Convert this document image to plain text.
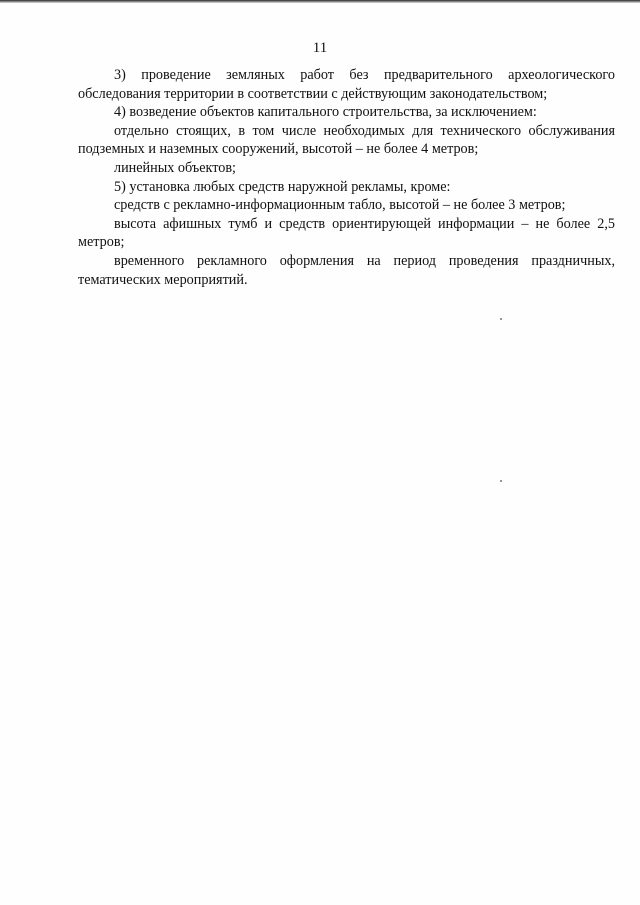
11

3) проведение земляных работ без предварительного археологического обследования территории в соответствии с действующим законодательством;

4) возведение объектов капитального строительства, за исключением:

отдельно стоящих, в том числе необходимых для технического обслуживания подземных и наземных сооружений, высотой – не более 4 метров;

линейных объектов;

5) установка любых средств наружной рекламы, кроме:

средств с рекламно-информационным табло, высотой – не более 3 метров;

высота афишных тумб и средств ориентирующей информации – не более 2,5 метров;

временного рекламного оформления на период проведения праздничных, тематических мероприятий.
